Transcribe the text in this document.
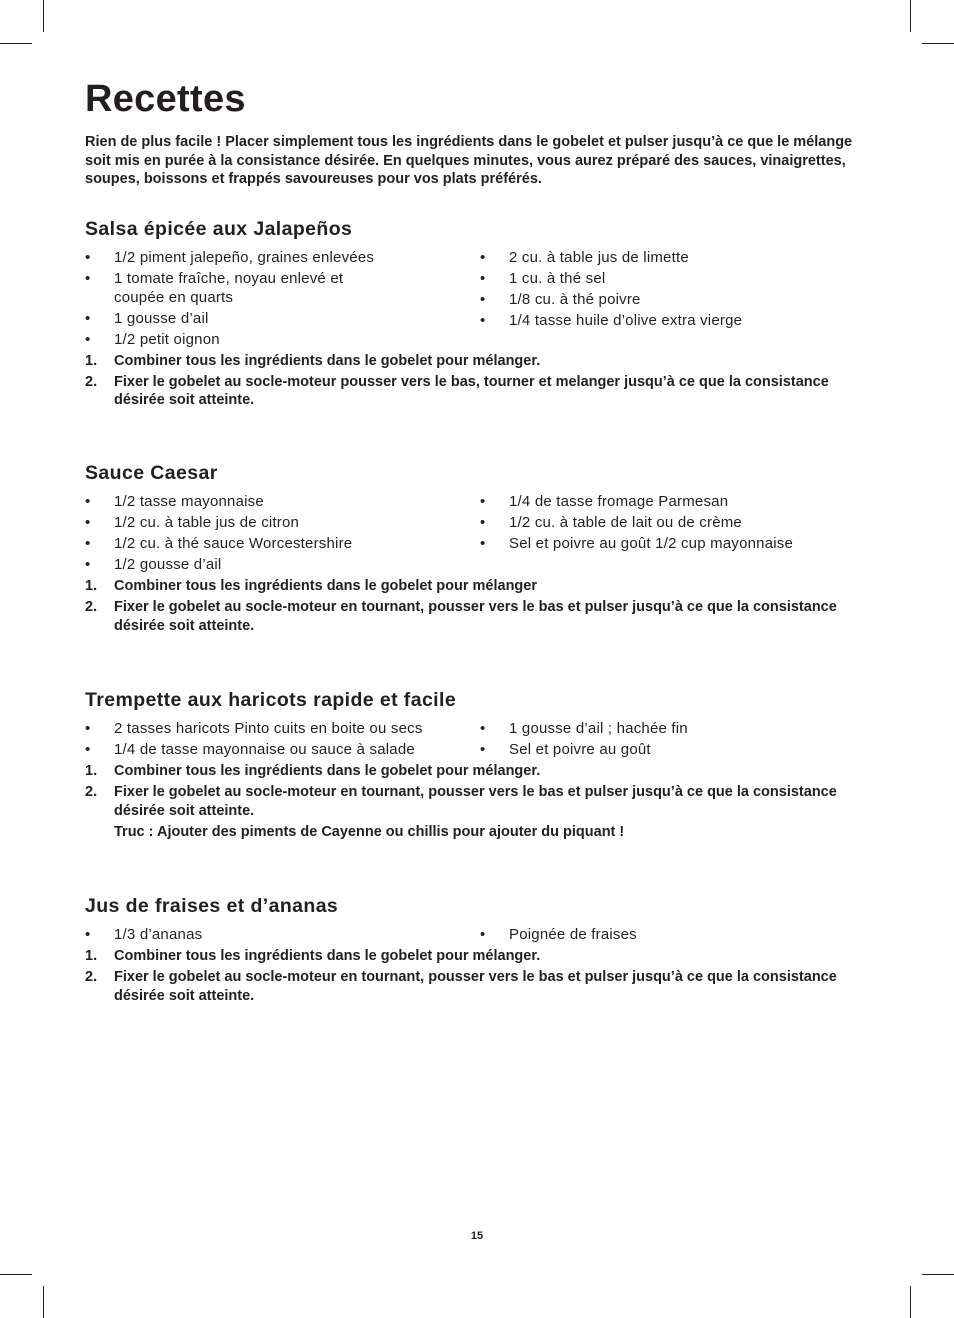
Recettes

Rien de plus facile ! Placer simplement tous les ingrédients dans le gobelet et pulser jusqu’à ce que le mélange soit mis en purée à la consistance désirée. En quelques minutes, vous aurez préparé des sauces, vinaigrettes, soupes, boissons et frappés savoureuses pour vos plats préférés.

Salsa épicée aux Jalapeños
• 1/2 piment jalepeño, graines enlevées
• 1 tomate fraîche, noyau enlevé et coupée en quarts
• 1 gousse d’ail
• 1/2 petit oignon
• 2 cu. à table jus de limette
• 1 cu. à thé sel
• 1/8 cu. à thé poivre
• 1/4 tasse huile d’olive extra vierge
1. Combiner tous les ingrédients dans le gobelet pour mélanger.
2. Fixer le gobelet au socle-moteur pousser vers le bas, tourner et melanger jusqu’à ce que la consistance désirée soit atteinte.
Sauce Caesar
• 1/2 tasse mayonnaise
• 1/2 cu. à table jus de citron
• 1/2 cu. à thé sauce Worcestershire
• 1/2 gousse d’ail
• 1/4 de tasse fromage Parmesan
• 1/2 cu. à table de lait ou de crème
• Sel et poivre au goût 1/2 cup mayonnaise
1. Combiner tous les ingrédients dans le gobelet pour mélanger
2. Fixer le gobelet au socle-moteur en tournant, pousser vers le bas et pulser jusqu’à ce que la consistance désirée soit atteinte.
Trempette aux haricots rapide et facile
• 2 tasses haricots Pinto cuits en boite ou secs
• 1/4 de tasse mayonnaise ou sauce à salade
• 1 gousse d’ail ; hachée fin
• Sel et poivre au goût
1. Combiner tous les ingrédients dans le gobelet pour mélanger.
2. Fixer le gobelet au socle-moteur en tournant, pousser vers le bas et pulser jusqu’à ce que la consistance désirée soit atteinte.
Truc : Ajouter des piments de Cayenne ou chillis pour ajouter du piquant !
Jus de fraises et d’ananas
• 1/3 d’ananas	• Poignée de fraises
1. Combiner tous les ingrédients dans le gobelet pour mélanger.
2. Fixer le gobelet au socle-moteur en tournant, pousser vers le bas et pulser jusqu’à ce que la consistance désirée soit atteinte.
15
